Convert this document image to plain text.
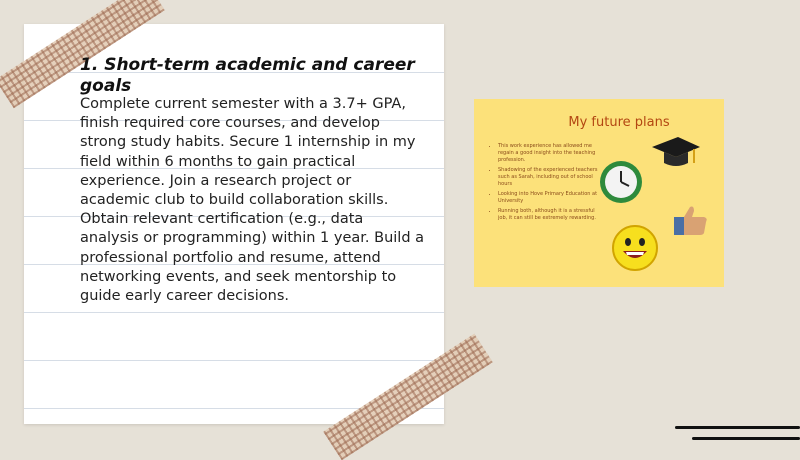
1. Short-term academic and career goals

Complete current semester with a 3.7+ GPA, finish required core courses, and develop strong study habits. Secure 1 internship in my field within 6 months to gain practical experience. Join a research project or academic club to build collaboration skills. Obtain relevant certification (e.g., data analysis or programming) within 1 year. Build a professional portfolio and resume, attend networking events, and seek mentorship to guide early career decisions.

My future plans
• This work experience has allowed me regain a good insight into the teaching profession.
• Shadowing of the experienced teachers such as Sarah, including out of school hours
• Looking into Hove Primary Education at University
• Running both, although it is a stressful job, it can still be extremely rewarding.
